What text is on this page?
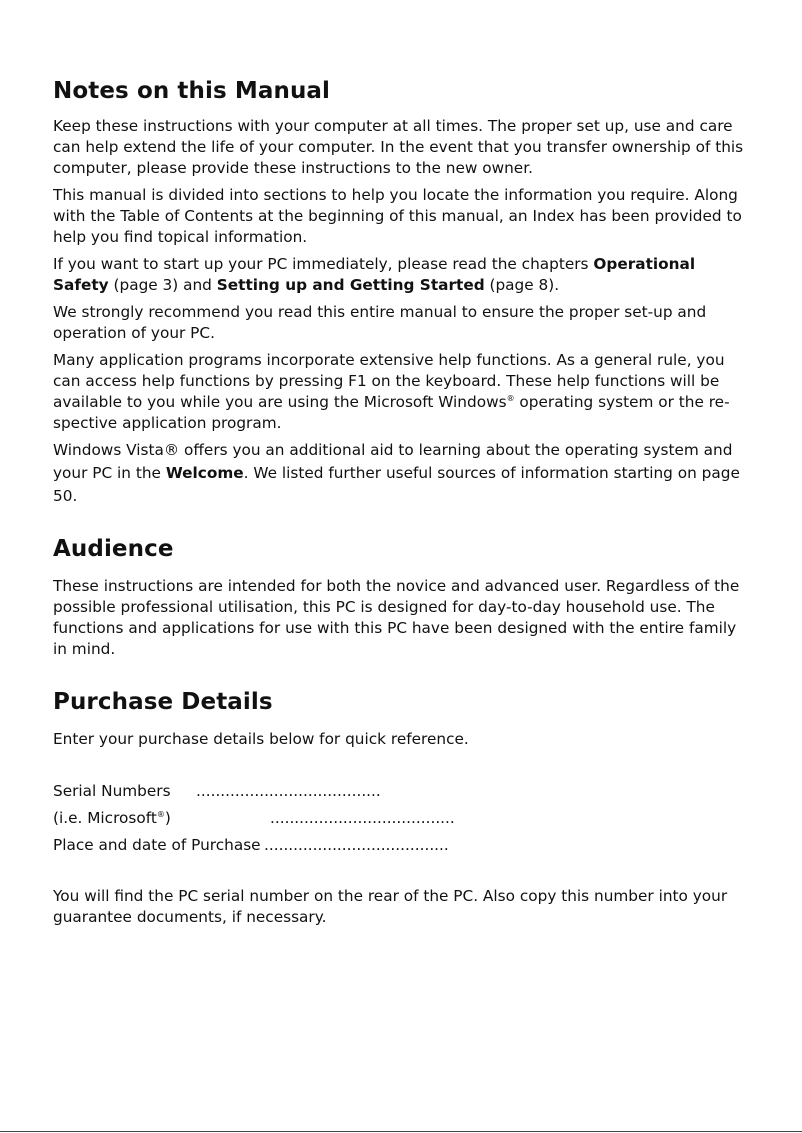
Notes on this Manual

Keep these instructions with your computer at all times. The proper set up, use and care can help extend the life of your computer. In the event that you transfer ownership of this computer, please provide these instructions to the new owner.

This manual is divided into sections to help you locate the information you require. Along with the Table of Contents at the beginning of this manual, an Index has been provided to help you find topical information.

If you want to start up your PC immediately, please read the chapters Operational Safety (page 3) and Setting up and Getting Started (page 8).

We strongly recommend you read this entire manual to ensure the proper set-up and operation of your PC.

Many application programs incorporate extensive help functions. As a general rule, you can access help functions by pressing F1 on the keyboard. These help functions will be available to you while you are using the Microsoft Windows® operating system or the re-spective application program.

Windows Vista® offers you an additional aid to learning about the operating system and your PC in the Welcome. We listed further useful sources of information starting on page 50.

Audience

These instructions are intended for both the novice and advanced user. Regardless of the possible professional utilisation, this PC is designed for day-to-day household use. The functions and applications for use with this PC have been designed with the entire family in mind.

Purchase Details

Enter your purchase details below for quick reference.

Serial Numbers ......................................
(i.e. Microsoft®)	......................................
Place and date of Purchase ......................................

You will find the PC serial number on the rear of the PC. Also copy this number into your guarantee documents, if necessary.
